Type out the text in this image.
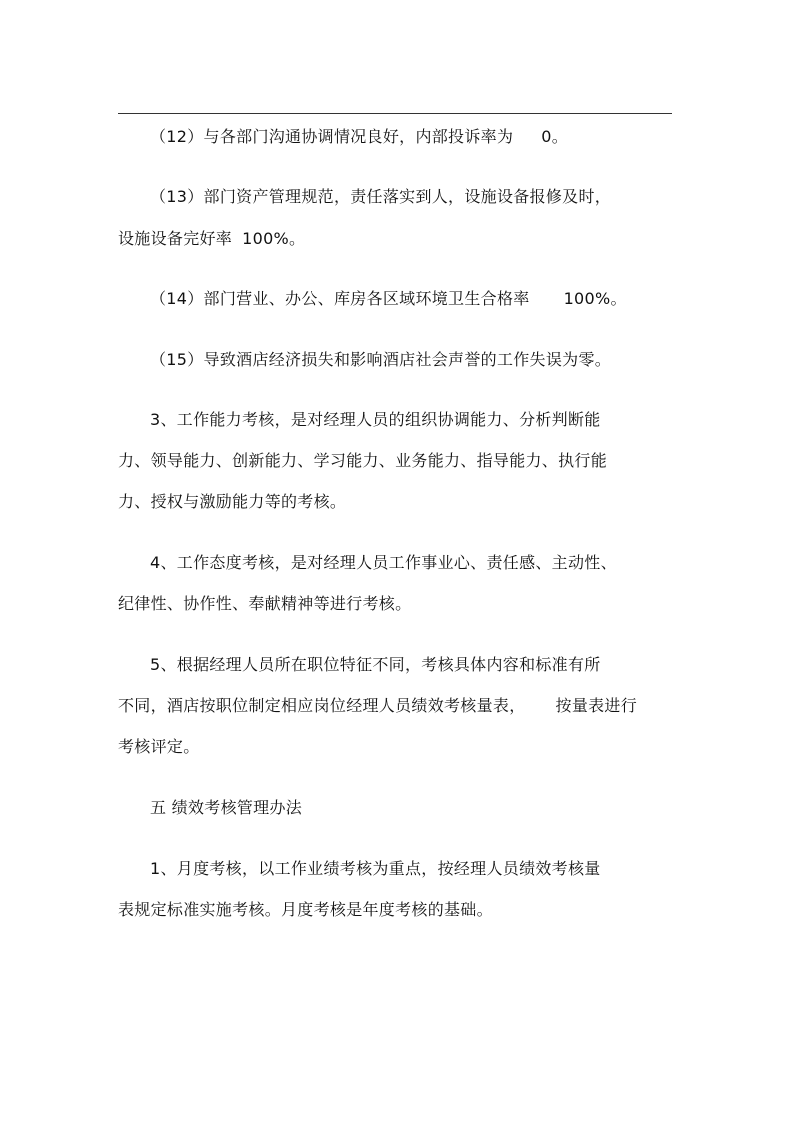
（12）与各部门沟通协调情况良好，内部投诉率为 0。
（13）部门资产管理规范，责任落实到人，设施设备报修及时，
设施设备完好率 100%。
（14）部门营业、办公、库房各区域环境卫生合格率 100%。
（15）导致酒店经济损失和影响酒店社会声誉的工作失误为零。
3、工作能力考核，是对经理人员的组织协调能力、分析判断能
力、领导能力、创新能力、学习能力、业务能力、指导能力、执行能
力、授权与激励能力等的考核。
4、工作态度考核，是对经理人员工作事业心、责任感、主动性、
纪律性、协作性、奉献精神等进行考核。
5、根据经理人员所在职位特征不同，考核具体内容和标准有所
不同，酒店按职位制定相应岗位经理人员绩效考核量表， 按量表进行
考核评定。
五 绩效考核管理办法
1、月度考核，以工作业绩考核为重点，按经理人员绩效考核量
表规定标准实施考核。月度考核是年度考核的基础。
